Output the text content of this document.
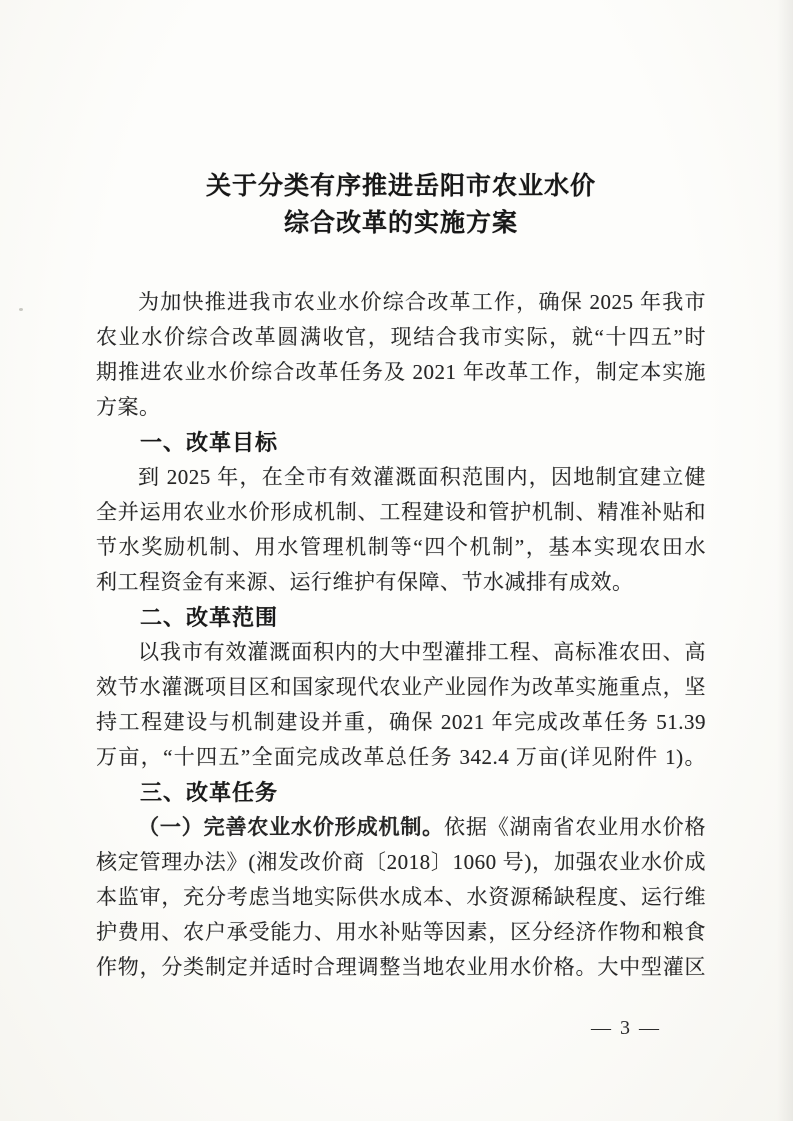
关于分类有序推进岳阳市农业水价
综合改革的实施方案
为加快推进我市农业水价综合改革工作，确保 2025 年我市
农业水价综合改革圆满收官，现结合我市实际，就“十四五”时
期推进农业水价综合改革任务及 2021 年改革工作，制定本实施
方案。
一、改革目标
到 2025 年，在全市有效灌溉面积范围内，因地制宜建立健
全并运用农业水价形成机制、工程建设和管护机制、精准补贴和
节水奖励机制、用水管理机制等“四个机制”，基本实现农田水
利工程资金有来源、运行维护有保障、节水减排有成效。
二、改革范围
以我市有效灌溉面积内的大中型灌排工程、高标准农田、高
效节水灌溉项目区和国家现代农业产业园作为改革实施重点，坚
持工程建设与机制建设并重，确保 2021 年完成改革任务 51.39
万亩，“十四五”全面完成改革总任务 342.4 万亩(详见附件 1)。
三、改革任务
（一）完善农业水价形成机制。依据《湖南省农业用水价格
核定管理办法》(湘发改价商〔2018〕1060 号)，加强农业水价成
本监审，充分考虑当地实际供水成本、水资源稀缺程度、运行维
护费用、农户承受能力、用水补贴等因素，区分经济作物和粮食
作物，分类制定并适时合理调整当地农业用水价格。大中型灌区
— 3 —
